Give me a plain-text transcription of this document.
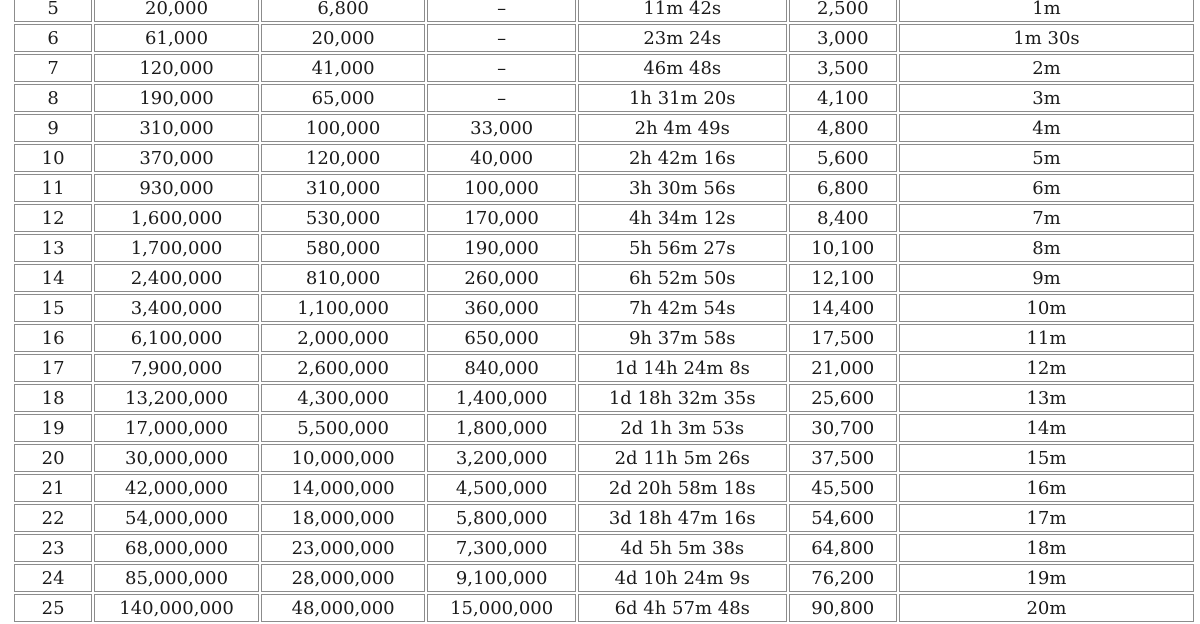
5	20,000	6,800	–	11m 42s	2,500	1m
6	61,000	20,000	–	23m 24s	3,000	1m 30s
7	120,000	41,000	–	46m 48s	3,500	2m
8	190,000	65,000	–	1h 31m 20s	4,100	3m
9	310,000	100,000	33,000	2h 4m 49s	4,800	4m
10	370,000	120,000	40,000	2h 42m 16s	5,600	5m
11	930,000	310,000	100,000	3h 30m 56s	6,800	6m
12	1,600,000	530,000	170,000	4h 34m 12s	8,400	7m
13	1,700,000	580,000	190,000	5h 56m 27s	10,100	8m
14	2,400,000	810,000	260,000	6h 52m 50s	12,100	9m
15	3,400,000	1,100,000	360,000	7h 42m 54s	14,400	10m
16	6,100,000	2,000,000	650,000	9h 37m 58s	17,500	11m
17	7,900,000	2,600,000	840,000	1d 14h 24m 8s	21,000	12m
18	13,200,000	4,300,000	1,400,000	1d 18h 32m 35s	25,600	13m
19	17,000,000	5,500,000	1,800,000	2d 1h 3m 53s	30,700	14m
20	30,000,000	10,000,000	3,200,000	2d 11h 5m 26s	37,500	15m
21	42,000,000	14,000,000	4,500,000	2d 20h 58m 18s	45,500	16m
22	54,000,000	18,000,000	5,800,000	3d 18h 47m 16s	54,600	17m
23	68,000,000	23,000,000	7,300,000	4d 5h 5m 38s	64,800	18m
24	85,000,000	28,000,000	9,100,000	4d 10h 24m 9s	76,200	19m
25	140,000,000	48,000,000	15,000,000	6d 4h 57m 48s	90,800	20m
